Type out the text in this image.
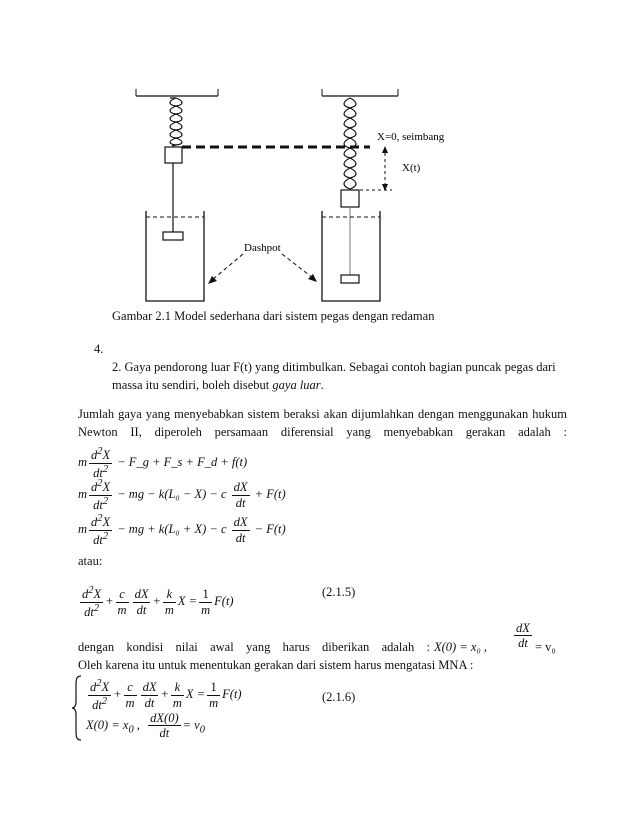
X=0, seimbang
X(t)
Dashpot
Gambar 2.1 Model sederhana dari sistem pegas dengan redaman
4.
2. Gaya pendorong luar F(t) yang ditimbulkan. Sebagai contoh bagian puncak pegas dari massa itu sendiri, boleh disebut gaya luar.
Jumlah gaya yang menyebabkan sistem beraksi akan dijumlahkan dengan menggunakan hukum
Newton II, diperoleh persamaan diferensial yang menyebabkan gerakan adalah :
m $\frac{d^2X}{dt^2}$ − F_g + F_s + F_d + f(t)
m $\frac{d^2X}{dt^2}$ − mg − k(L₀ − X) − c $\frac{dX}{dt} + F(t)$
m $\frac{d^2X}{dt^2}$ − mg + k(L₀ + X) − c $\frac{dX}{dt} - F(t)$
atau:
$\frac{d^2X}{dt^2} + \frac{c}{m} \frac{dX}{dt} + \frac{k}{m}$ $X = \frac{1}{m} F(t)$
(2.1.5)
$\frac{dX}{dt}$
dengan kondisi nilai awal yang harus diberikan adalah : X(0) = x₀ ,	= v₀
Oleh karena itu untuk menentukan gerakan dari sistem harus mengatasi MNA :
$\frac{d^2X}{dt^2} + \frac{c}{m} \frac{dX}{dt} + \frac{k}{m}$ $X = \frac{1}{m} F(t)$
$X(0) = x_0$ , $\frac{dX(0)}{dt} = v_0$
(2.1.6)
